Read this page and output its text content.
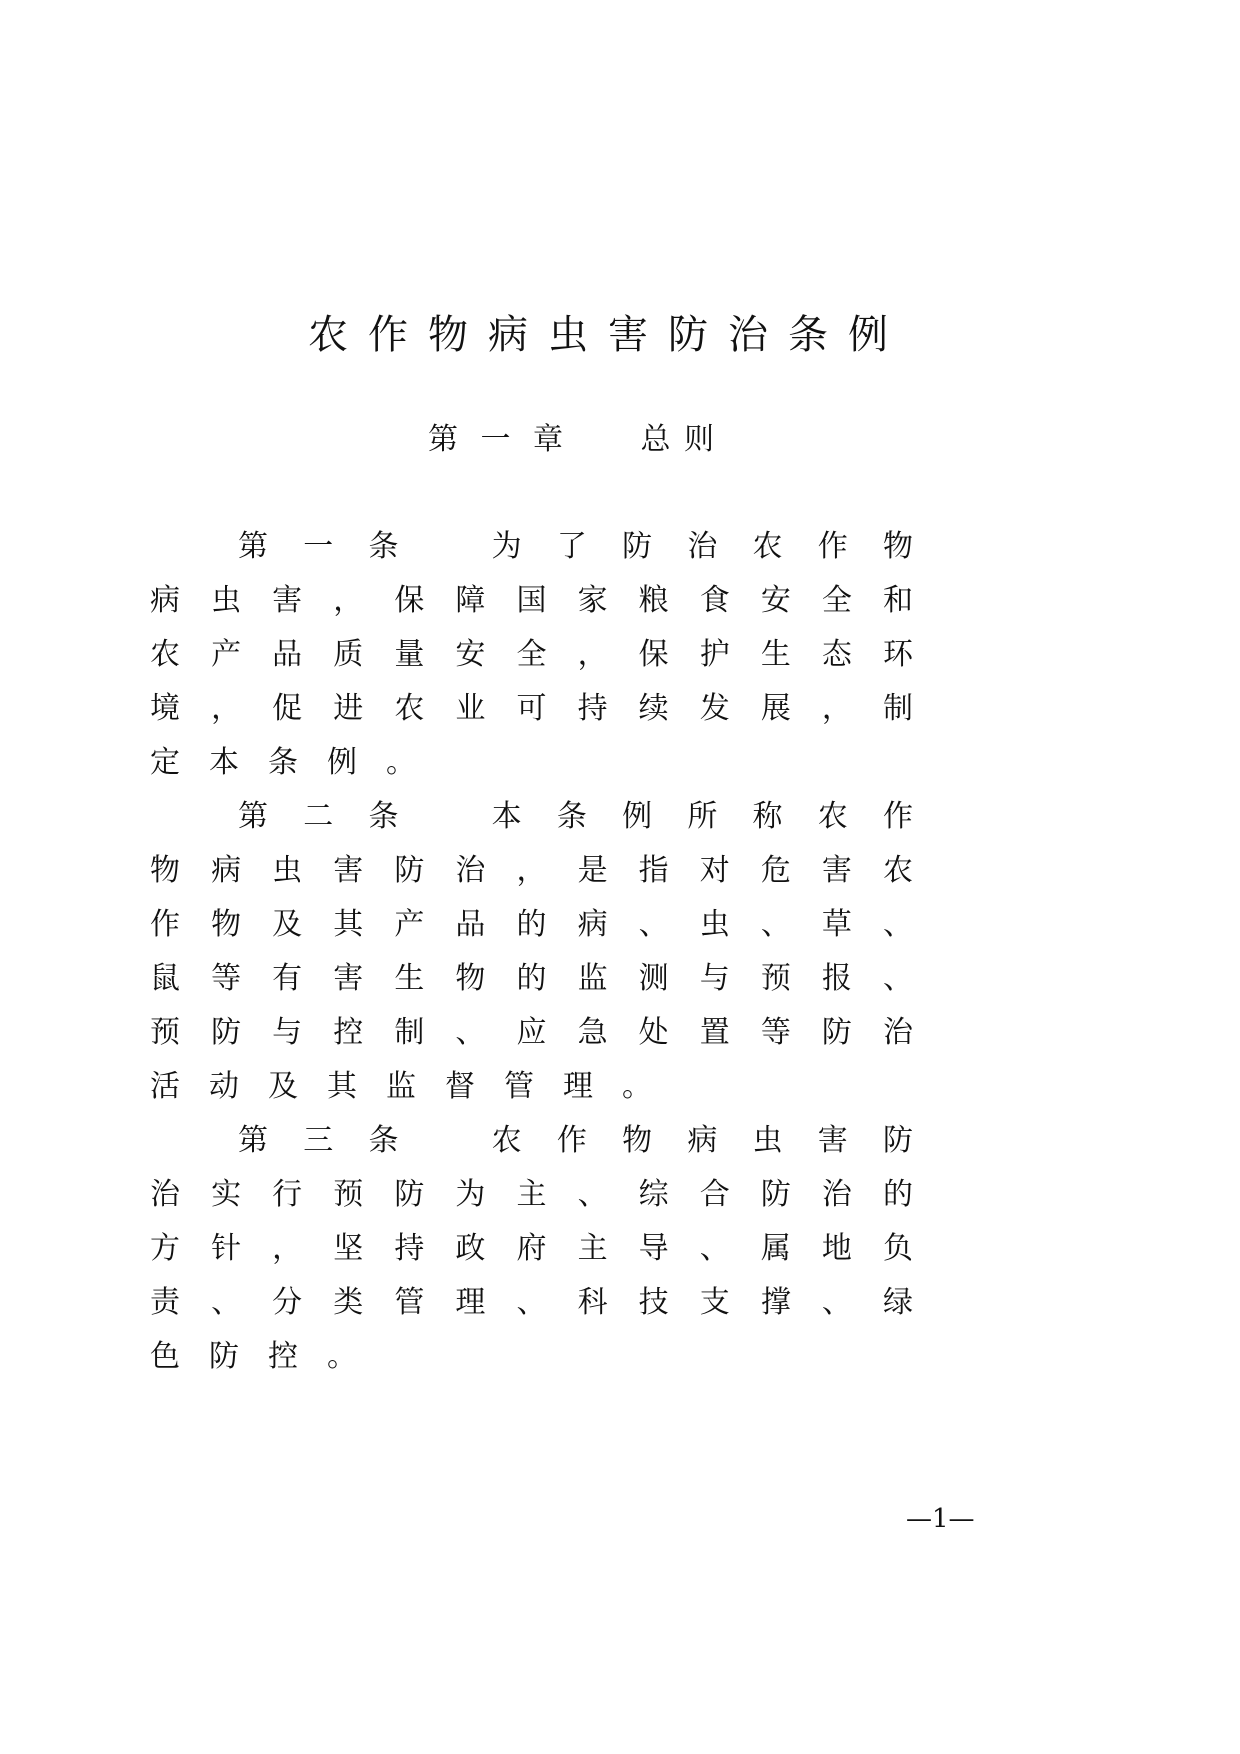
农作物病虫害防治条例
第一章 总则

第一条 为了防治农作物病虫害，保障国家粮食安全和农产品质量安全，保护生态环境，促进农业可持续发展，制定本条例。

第二条 本条例所称农作物病虫害防治，是指对危害农作物及其产品的病、虫、草、鼠等有害生物的监测与预报、预防与控制、应急处置等防治活动及其监督管理。

第三条 农作物病虫害防治实行预防为主、综合防治的方针，坚持政府主导、属地负责、分类管理、科技支撑、绿色防控。

—1—
